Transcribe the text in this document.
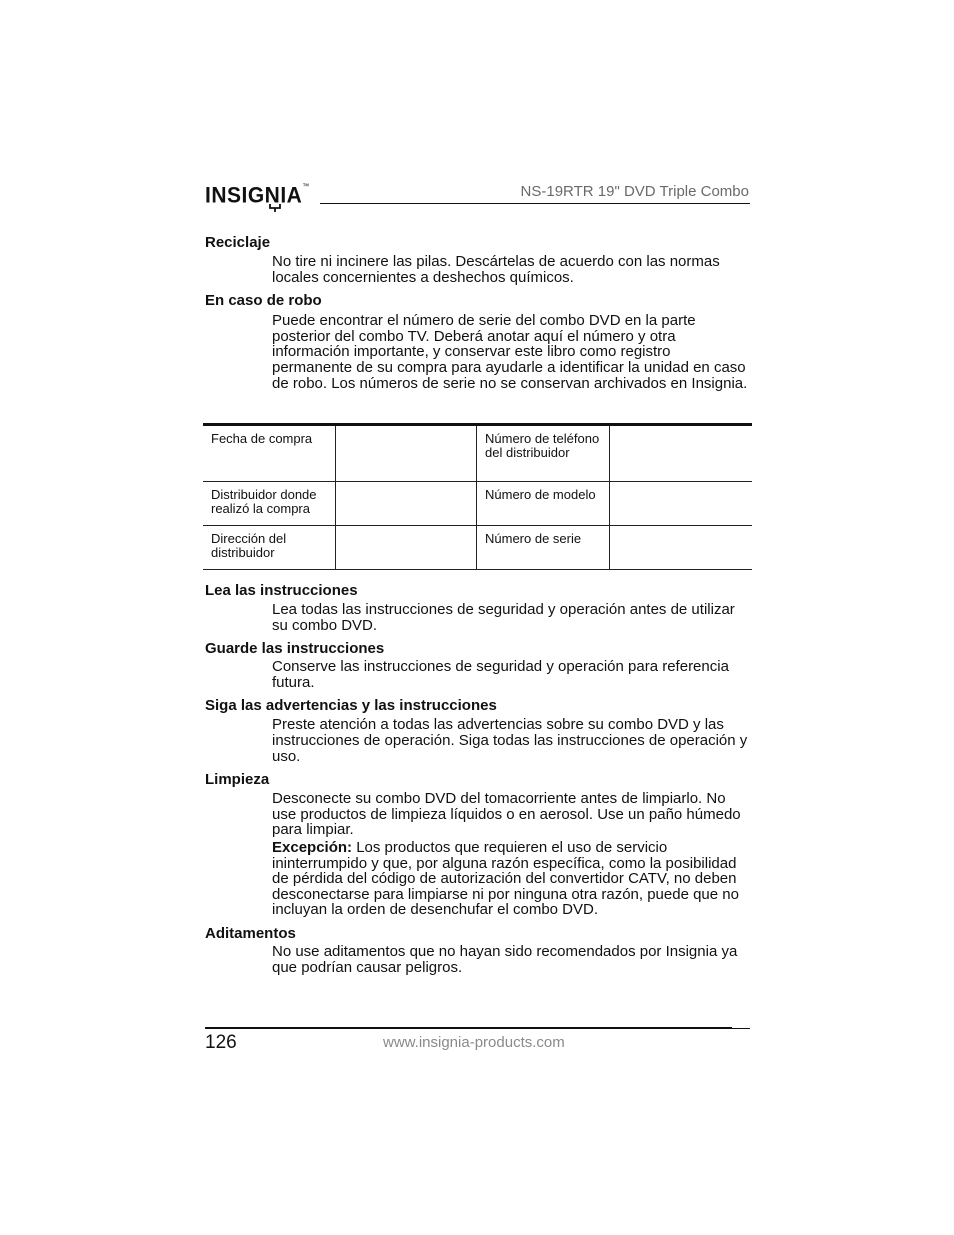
INSIGNIA™	NS-19RTR 19" DVD Triple Combo

Reciclaje

No tire ni incinere las pilas. Descártelas de acuerdo con las normas locales concernientes a deshechos químicos.

En caso de robo

Puede encontrar el número de serie del combo DVD en la parte posterior del combo TV. Deberá anotar aquí el número y otra información importante, y conservar este libro como registro permanente de su compra para ayudarle a identificar la unidad en caso de robo. Los números de serie no se conservan archivados en Insignia.

Fecha de compra		Número de teléfono del distribuidor	
Distribuidor donde realizó la compra		Número de modelo	
Dirección del distribuidor		Número de serie	

Lea las instrucciones

Lea todas las instrucciones de seguridad y operación antes de utilizar su combo DVD.

Guarde las instrucciones

Conserve las instrucciones de seguridad y operación para referencia futura.

Siga las advertencias y las instrucciones

Preste atención a todas las advertencias sobre su combo DVD y las instrucciones de operación. Siga todas las instrucciones de operación y uso.

Limpieza

Desconecte su combo DVD del tomacorriente antes de limpiarlo. No use productos de limpieza líquidos o en aerosol. Use un paño húmedo para limpiar.

Excepción: Los productos que requieren el uso de servicio ininterrumpido y que, por alguna razón específica, como la posibilidad de pérdida del código de autorización del convertidor CATV, no deben desconectarse para limpiarse ni por ninguna otra razón, puede que no incluyan la orden de desenchufar el combo DVD.

Aditamentos

No use aditamentos que no hayan sido recomendados por Insignia ya que podrían causar peligros.

126	www.insignia-products.com
